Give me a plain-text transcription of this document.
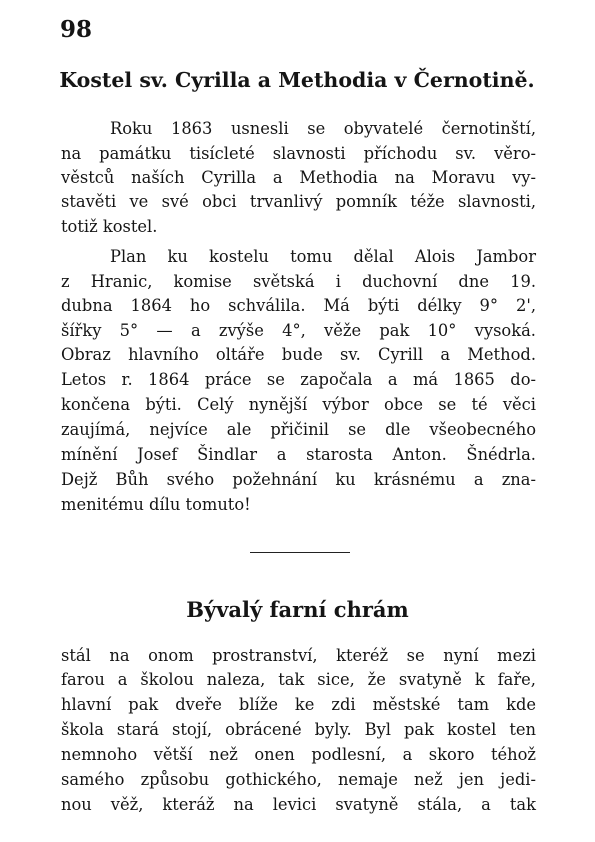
98
Kostel sv. Cyrilla a Methodia v Černotině.
Roku 1863 usnesli se obyvatelé černotinští,
na památku tisícleté slavnosti příchodu sv. věro-
věstců naších Cyrilla a Methodia na Moravu vy-
stavěti ve své obci trvanlivý pomník téže slavnosti,
totiž kostel.
Plan ku kostelu tomu dělal Alois Jambor
z Hranic, komise světská i duchovní dne 19.
dubna 1864 ho schválila. Má býti délky 9° 2',
šířky 5° — a zvýše 4°, věže pak 10° vysoká.
Obraz hlavního oltáře bude sv. Cyrill a Method.
Letos r. 1864 práce se započala a má 1865 do-
končena býti. Celý nynější výbor obce se té věci
zaujímá, nejvíce ale přičinil se dle všeobecného
mínění Josef Šindlar a starosta Anton. Šnédrla.
Dejž Bůh svého požehnání ku krásnému a zna-
menitému dílu tomuto!
Bývalý farní chrám
stál na onom prostranství, kteréž se nyní mezi
farou a školou naleza, tak sice, že svatyně k faře,
hlavní pak dveře blíže ke zdi městské tam kde
škola stará stojí, obrácené byly. Byl pak kostel ten
nemnoho větší než onen podlesní, a skoro téhož
samého způsobu gothického, nemaje než jen jedi-
nou věž, kteráž na levici svatyně stála, a tak
